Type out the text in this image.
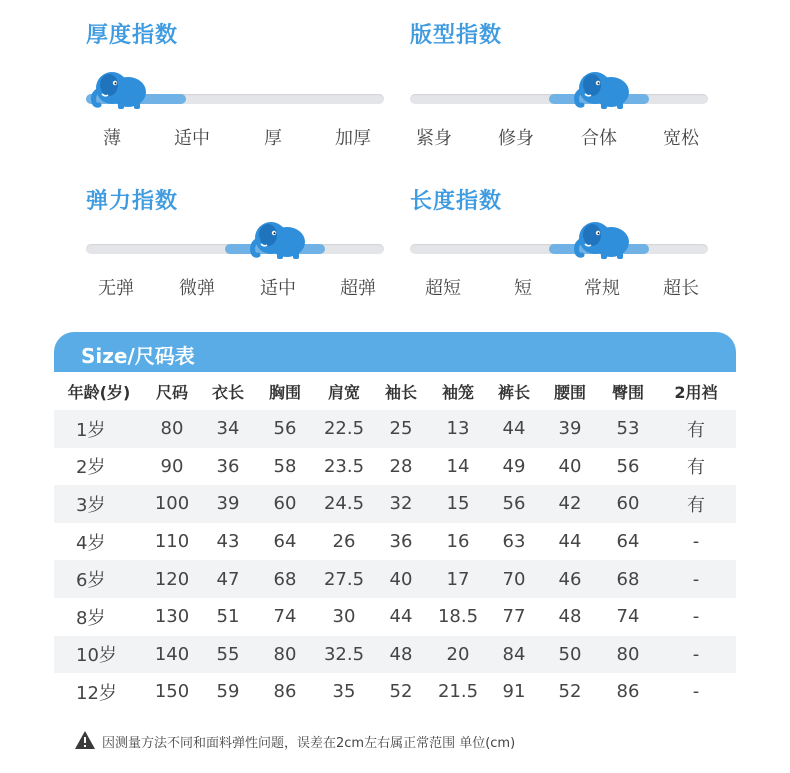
厚度指数
薄	适中	厚	加厚
版型指数
紧身	修身	合体	宽松
弹力指数
无弹	微弹	适中	超弹
长度指数
超短	短	常规	超长
Size/尺码表
年龄(岁)	尺码	衣长	胸围	肩宽	袖长	袖笼	裤长	腰围	臀围	2用裆
1岁	80	34	56	22.5	25	13	44	39	53	有
2岁	90	36	58	23.5	28	14	49	40	56	有
3岁	100	39	60	24.5	32	15	56	42	60	有
4岁	110	43	64	26	36	16	63	44	64	-
6岁	120	47	68	27.5	40	17	70	46	68	-
8岁	130	51	74	30	44	18.5	77	48	74	-
10岁	140	55	80	32.5	48	20	84	50	80	-
12岁	150	59	86	35	52	21.5	91	52	86	-
因测量方法不同和面料弹性问题，误差在2cm左右属正常范围 单位(cm)
